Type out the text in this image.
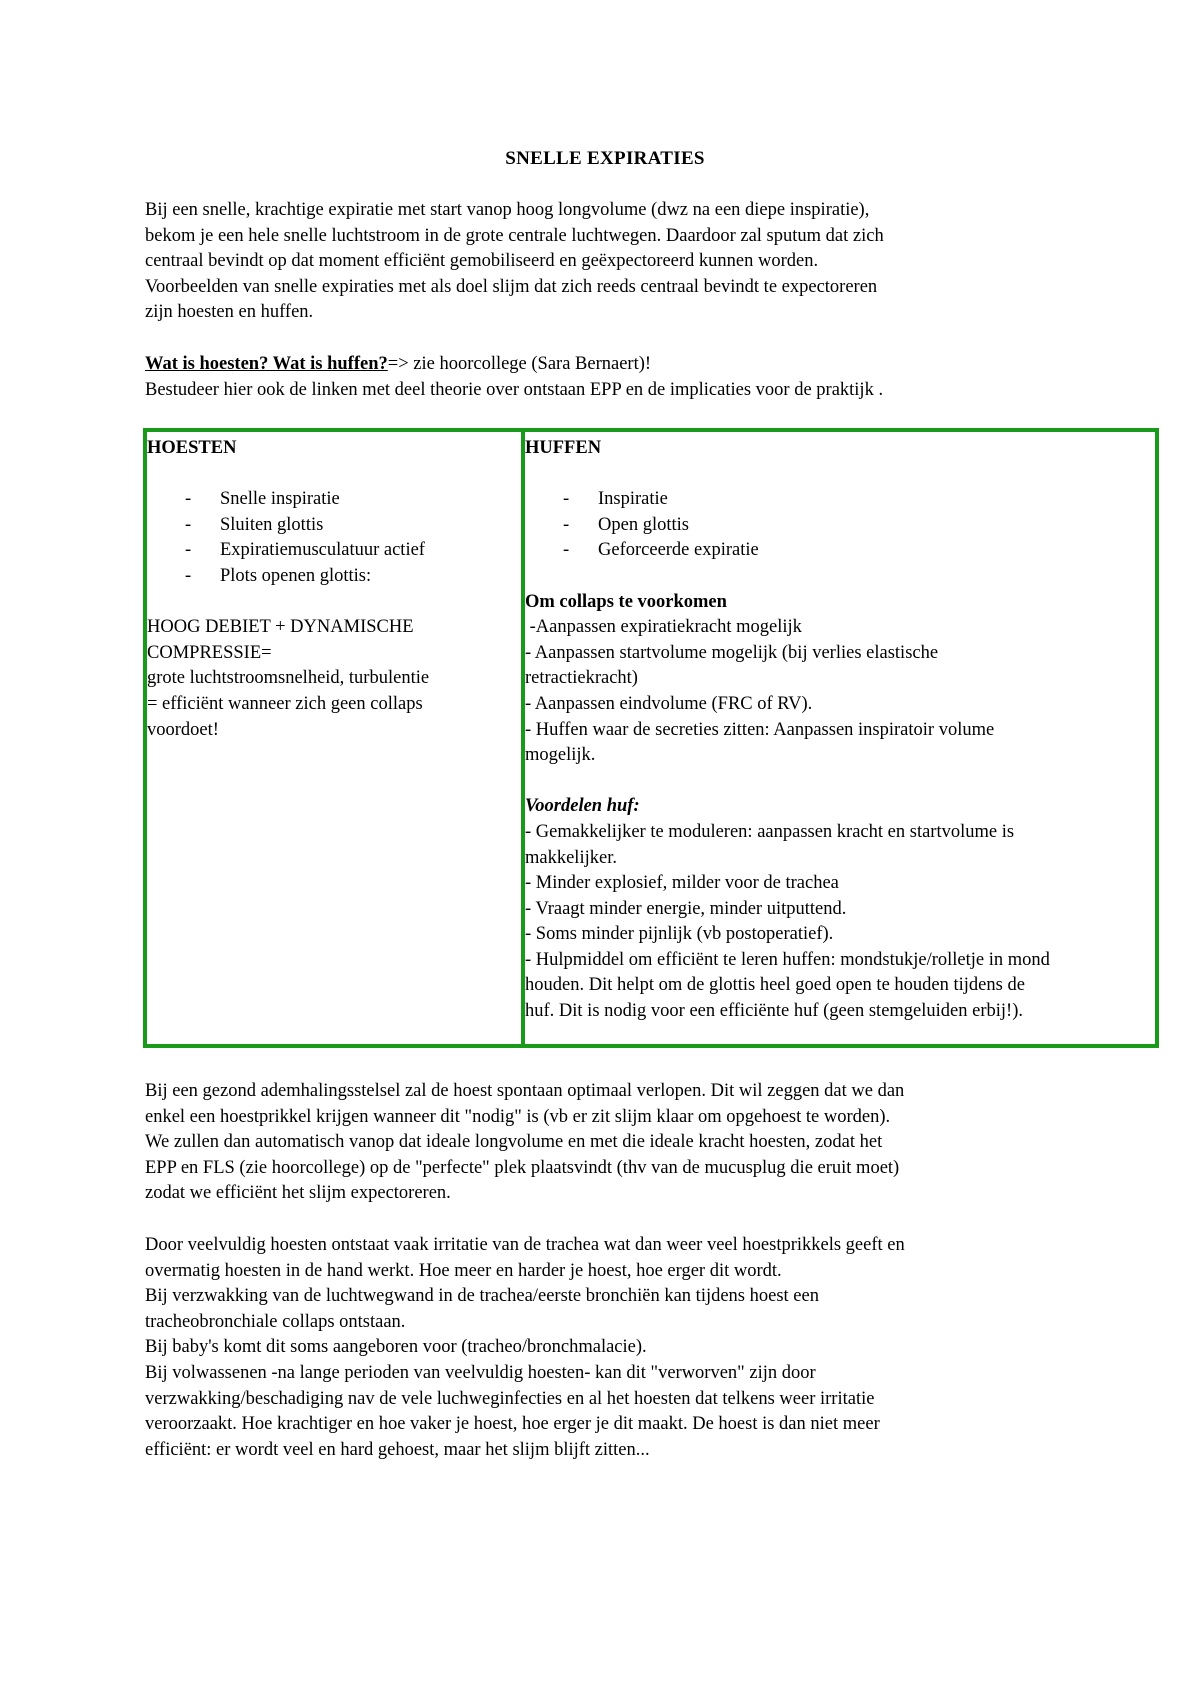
SNELLE EXPIRATIES
Bij een snelle, krachtige expiratie met start vanop hoog longvolume (dwz na een diepe inspiratie),
bekom je een hele snelle luchtstroom in de grote centrale luchtwegen. Daardoor zal sputum dat zich
centraal bevindt op dat moment efficiënt gemobiliseerd en geëxpectoreerd kunnen worden.
Voorbeelden van snelle expiraties met als doel slijm dat zich reeds centraal bevindt te expectoreren
zijn hoesten en huffen.
Wat is hoesten? Wat is huffen?=> zie hoorcollege (Sara Bernaert)!
Bestudeer hier ook de linken met deel theorie over ontstaan EPP en de implicaties voor de praktijk .
HOESTEN
- Snelle inspiratie
- Sluiten glottis
- Expiratiemusculatuur actief
- Plots openen glottis:
HOOG DEBIET + DYNAMISCHE
COMPRESSIE=
grote luchtstroomsnelheid, turbulentie
= efficiënt wanneer zich geen collaps
voordoet!
HUFFEN
- Inspiratie
- Open glottis
- Geforceerde expiratie
Om collaps te voorkomen
-Aanpassen expiratiekracht mogelijk
- Aanpassen startvolume mogelijk (bij verlies elastische
retractiekracht)
- Aanpassen eindvolume (FRC of RV).
- Huffen waar de secreties zitten: Aanpassen inspiratoir volume
mogelijk.
Voordelen huf:
- Gemakkelijker te moduleren: aanpassen kracht en startvolume is
makkelijker.
- Minder explosief, milder voor de trachea
- Vraagt minder energie, minder uitputtend.
- Soms minder pijnlijk (vb postoperatief).
- Hulpmiddel om efficiënt te leren huffen: mondstukje/rolletje in mond
houden. Dit helpt om de glottis heel goed open te houden tijdens de
huf. Dit is nodig voor een efficiënte huf (geen stemgeluiden erbij!).
Bij een gezond ademhalingsstelsel zal de hoest spontaan optimaal verlopen. Dit wil zeggen dat we dan
enkel een hoestprikkel krijgen wanneer dit "nodig" is (vb er zit slijm klaar om opgehoest te worden).
We zullen dan automatisch vanop dat ideale longvolume en met die ideale kracht hoesten, zodat het
EPP en FLS (zie hoorcollege) op de "perfecte" plek plaatsvindt (thv van de mucusplug die eruit moet)
zodat we efficiënt het slijm expectoreren.
Door veelvuldig hoesten ontstaat vaak irritatie van de trachea wat dan weer veel hoestprikkels geeft en
overmatig hoesten in de hand werkt. Hoe meer en harder je hoest, hoe erger dit wordt.
Bij verzwakking van de luchtwegwand in de trachea/eerste bronchiën kan tijdens hoest een
tracheobronchiale collaps ontstaan.
Bij baby's komt dit soms aangeboren voor (tracheo/bronchmalacie).
Bij volwassenen -na lange perioden van veelvuldig hoesten- kan dit "verworven" zijn door
verzwakking/beschadiging nav de vele luchweginfecties en al het hoesten dat telkens weer irritatie
veroorzaakt. Hoe krachtiger en hoe vaker je hoest, hoe erger je dit maakt. De hoest is dan niet meer
efficiënt: er wordt veel en hard gehoest, maar het slijm blijft zitten...
